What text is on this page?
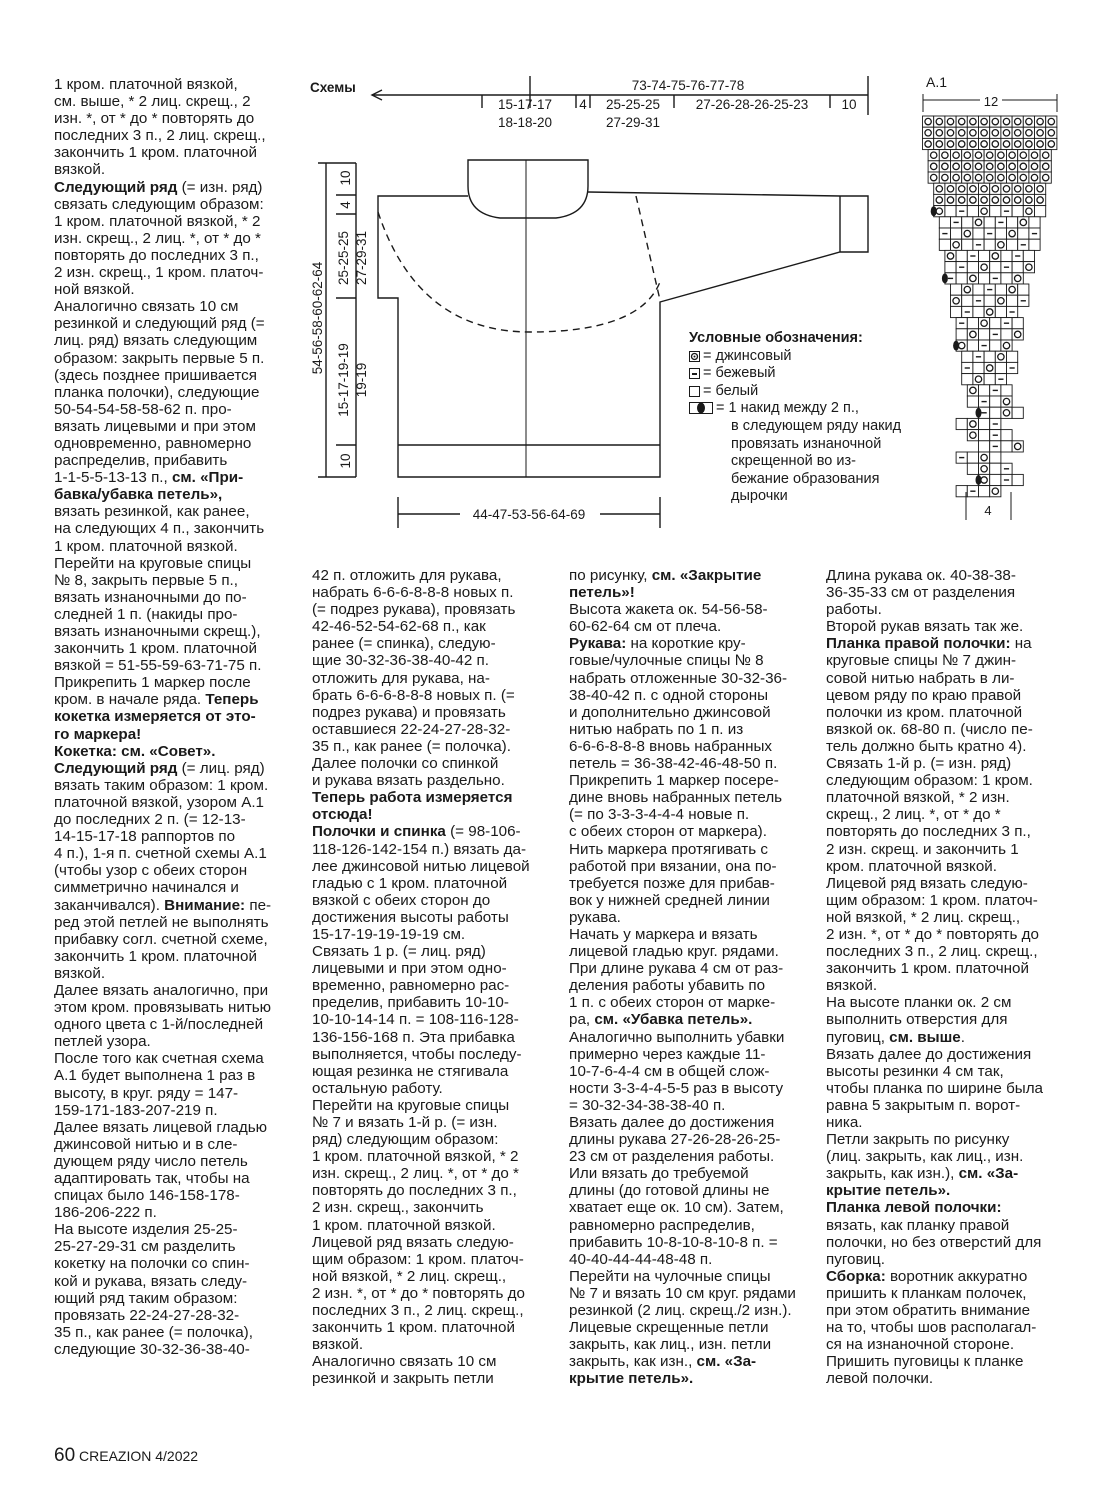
1 кром. платочной вязкой,

см. выше, * 2 лиц. скрещ., 2

изн. *, от * до * повторять до

последних 3 п., 2 лиц. скрещ.,

закончить 1 кром. платочной

вязкой.

Следующий ряд (= изн. ряд)

связать следующим образом:

1 кром. платочной вязкой, * 2

изн. скрещ., 2 лиц. *, от * до *

повторять до последних 3 п.,

2 изн. скрещ., 1 кром. платоч-

ной вязкой.

Аналогично связать 10 см

резинкой и следующий ряд (=

лиц. ряд) вязать следующим

образом: закрыть первые 5 п.

(здесь позднее пришивается

планка полочки), следующие

50-54-54-58-58-62 п. про-

вязать лицевыми и при этом

одновременно, равномерно

распределив, прибавить

1-1-5-5-13-13 п., см. «При-

бавка/убавка петель»,

вязать резинкой, как ранее,

на следующих 4 п., закончить

1 кром. платочной вязкой.

Перейти на круговые спицы

№ 8, закрыть первые 5 п.,

вязать изнаночными до по-

следней 1 п. (накиды про-

вязать изнаночными скрещ.),

закончить 1 кром. платочной

вязкой = 51-55-59-63-71-75 п.

Прикрепить 1 маркер после

кром. в начале ряда. Теперь

кокетка измеряется от это-

го маркера!

Кокетка: см. «Совет».

Следующий ряд (= лиц. ряд)

вязать таким образом: 1 кром.

платочной вязкой, узором A.1

до последних 2 п. (= 12-13-

14-15-17-18 раппортов по

4 п.), 1-я п. счетной схемы A.1

(чтобы узор с обеих сторон

симметрично начинался и

заканчивался). Внимание: пе-

ред этой петлей не выполнять

прибавку согл. счетной схеме,

закончить 1 кром. платочной

вязкой.

Далее вязать аналогично, при

этом кром. провязывать нитью

одного цвета с 1-й/последней

петлей узора.

После того как счетная схема

A.1 будет выполнена 1 раз в

высоту, в круг. ряду = 147-

159-171-183-207-219 п.

Далее вязать лицевой гладью

джинсовой нитью и в сле-

дующем ряду число петель

адаптировать так, чтобы на

спицах было 146-158-178-

186-206-222 п.

На высоте изделия 25-25-

25-27-29-31 см разделить

кокетку на полочки со спин-

кой и рукава, вязать следу-

ющий ряд таким образом:

провязать 22-24-27-28-32-

35 п., как ранее (= полочка),

следующие 30-32-36-38-40-

42 п. отложить для рукава,

набрать 6-6-6-8-8-8 новых п.

(= подрез рукава), провязать

42-46-52-54-62-68 п., как

ранее (= спинка), следую-

щие 30-32-36-38-40-42 п.

отложить для рукава, на-

брать 6-6-6-8-8-8 новых п. (=

подрез рукава) и провязать

оставшиеся 22-24-27-28-32-

35 п., как ранее (= полочка).

Далее полочки со спинкой

и рукава вязать раздельно.

Теперь работа измеряется

отсюда!

Полочки и спинка (= 98-106-

118-126-142-154 п.) вязать да-

лее джинсовой нитью лицевой

гладью с 1 кром. платочной

вязкой с обеих сторон до

достижения высоты работы

15-17-19-19-19-19 см.

Связать 1 р. (= лиц. ряд)

лицевыми и при этом одно-

временно, равномерно рас-

пределив, прибавить 10-10-

10-10-14-14 п. = 108-116-128-

136-156-168 п. Эта прибавка

выполняется, чтобы последу-

ющая резинка не стягивала

остальную работу.

Перейти на круговые спицы

№ 7 и вязать 1-й р. (= изн.

ряд) следующим образом:

1 кром. платочной вязкой, * 2

изн. скрещ., 2 лиц. *, от * до *

повторять до последних 3 п.,

2 изн. скрещ., закончить

1 кром. платочной вязкой.

Лицевой ряд вязать следую-

щим образом: 1 кром. платоч-

ной вязкой, * 2 лиц. скрещ.,

2 изн. *, от * до * повторять до

последних 3 п., 2 лиц. скрещ.,

закончить 1 кром. платочной

вязкой.

Аналогично связать 10 см

резинкой и закрыть петли

по рисунку, см. «Закрытие

петель»!

Высота жакета ок. 54-56-58-

60-62-64 см от плеча.

Рукава: на короткие кру-

говые/чулочные спицы № 8

набрать отложенные 30-32-36-

38-40-42 п. с одной стороны

и дополнительно джинсовой

нитью набрать по 1 п. из

6-6-6-8-8-8 вновь набранных

петель = 36-38-42-46-48-50 п.

Прикрепить 1 маркер посере-

дине вновь набранных петель

(= по 3-3-3-4-4-4 новые п.

с обеих сторон от маркера).

Нить маркера протягивать с

работой при вязании, она по-

требуется позже для прибав-

вок у нижней средней линии

рукава.

Начать у маркера и вязать

лицевой гладью круг. рядами.

При длине рукава 4 см от раз-

деления работы убавить по

1 п. с обеих сторон от марке-

ра, см. «Убавка петель».

Аналогично выполнить убавки

примерно через каждые 11-

10-7-6-4-4 см в общей слож-

ности 3-3-4-4-5-5 раз в высоту

= 30-32-34-38-38-40 п.

Вязать далее до достижения

длины рукава 27-26-28-26-25-

23 см от разделения работы.

Или вязать до требуемой

длины (до готовой длины не

хватает еще ок. 10 см). Затем,

равномерно распределив,

прибавить 10-8-10-8-10-8 п. =

40-40-44-44-48-48 п.

Перейти на чулочные спицы

№ 7 и вязать 10 см круг. рядами

резинкой (2 лиц. скрещ./2 изн.).

Лицевые скрещенные петли

закрыть, как лиц., изн. петли

закрыть, как изн., см. «За-

крытие петель».

Длина рукава ок. 40-38-38-

36-35-33 см от разделения

работы.

Второй рукав вязать так же.

Планка правой полочки: на

круговые спицы № 7 джин-

совой нитью набрать в ли-

цевом ряду по краю правой

полочки из кром. платочной

вязкой ок. 68-80 п. (число пе-

тель должно быть кратно 4).

Связать 1-й р. (= изн. ряд)

следующим образом: 1 кром.

платочной вязкой, * 2 изн.

скрещ., 2 лиц. *, от * до *

повторять до последних 3 п.,

2 изн. скрещ. и закончить 1

кром. платочной вязкой.

Лицевой ряд вязать следую-

щим образом: 1 кром. платоч-

ной вязкой, * 2 лиц. скрещ.,

2 изн. *, от * до * повторять до

последних 3 п., 2 лиц. скрещ.,

закончить 1 кром. платочной

вязкой.

На высоте планки ок. 2 см

выполнить отверстия для

пуговиц, см. выше.

Вязать далее до достижения

высоты резинки 4 см так,

чтобы планка по ширине была

равна 5 закрытым п. ворот-

ника.

Петли закрыть по рисунку

(лиц. закрыть, как лиц., изн.

закрыть, как изн.), см. «За-

крытие петель».

Планка левой полочки:

вязать, как планку правой

полочки, но без отверстий для

пуговиц.

Сборка: воротник аккуратно

пришить к планкам полочек,

при этом обратить внимание

на то, чтобы шов располагал-

ся на изнаночной стороне.

Пришить пуговицы к планке

левой полочки.

Схемы	73-74-75-76-77-78
15-17-17
18-18-20
4 25-25-25
27-29-31
27-26-28-26-25-23 10
54-56-58-60-62-64
10
4
25-25-25 27-29-31
15-17-19-19 19-19
10
44-47-53-56-64-69
Условные обозначения:
= джинсовый
= бежевый
= белый
= 1 накид между 2 п.,
в следующем ряду накид
провязать изнаночной
скрещенной во из-
бежание образования
дырочки
A.1
12
4
60 CREAZION 4/2022
